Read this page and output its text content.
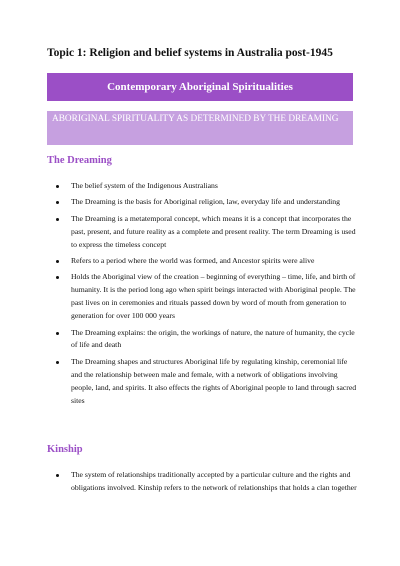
Topic 1: Religion and belief systems in Australia post-1945
Contemporary Aboriginal Spiritualities
ABORIGINAL SPIRITUALITY AS DETERMINED BY THE DREAMING
The Dreaming
The belief system of the Indigenous Australians
The Dreaming is the basis for Aboriginal religion, law, everyday life and understanding
The Dreaming is a metatemporal concept, which means it is a concept that incorporates the past, present, and future reality as a complete and present reality. The term Dreaming is used to express the timeless concept
Refers to a period where the world was formed, and Ancestor spirits were alive
Holds the Aboriginal view of the creation – beginning of everything – time, life, and birth of humanity. It is the period long ago when spirit beings interacted with Aboriginal people. The past lives on in ceremonies and rituals passed down by word of mouth from generation to generation for over 100 000 years
The Dreaming explains: the origin, the workings of nature, the nature of humanity, the cycle of life and death
The Dreaming shapes and structures Aboriginal life by regulating kinship, ceremonial life and the relationship between male and female, with a network of obligations involving people, land, and spirits. It also effects the rights of Aboriginal people to land through sacred sites
Kinship
The system of relationships traditionally accepted by a particular culture and the rights and obligations involved. Kinship refers to the network of relationships that holds a clan together
